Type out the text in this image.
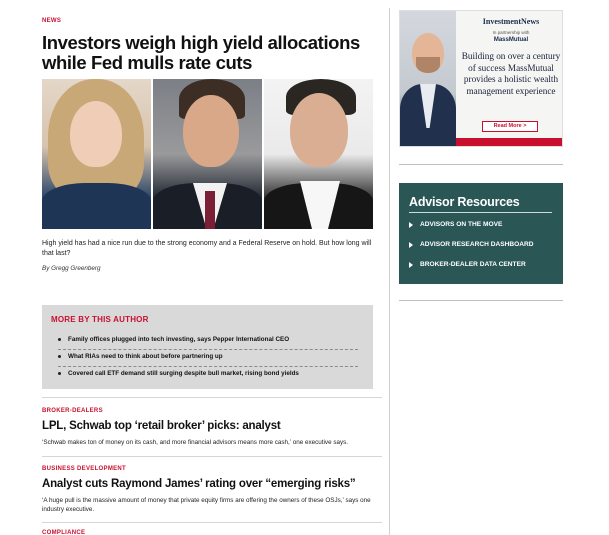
NEWS
Investors weigh high yield allocations while Fed mulls rate cuts

High yield has had a nice run due to the strong economy and a Federal Reserve on hold. But how long will that last?

By Gregg Greenberg

MORE BY THIS AUTHOR
Family offices plugged into tech investing, says Pepper International CEO
What RIAs need to think about before partnering up
Covered call ETF demand still surging despite bull market, rising bond yields
BROKER-DEALERS
LPL, Schwab top ‘retail broker’ picks: analyst
‘Schwab makes ton of money on its cash, and more financial advisors means more cash,’ one executive says.
BUSINESS DEVELOPMENT
Analyst cuts Raymond James’ rating over “emerging risks”
‘A huge pull is the massive amount of money that private equity firms are offering the owners of these OSJs,’ says one industry executive.
COMPLIANCE
InvestmentNews
In partnership with
MassMutual
Building on over a century of success MassMutual provides a holistic wealth management experience
Read More >
Advisor Resources
ADVISORS ON THE MOVE
ADVISOR RESEARCH DASHBOARD
BROKER-DEALER DATA CENTER
